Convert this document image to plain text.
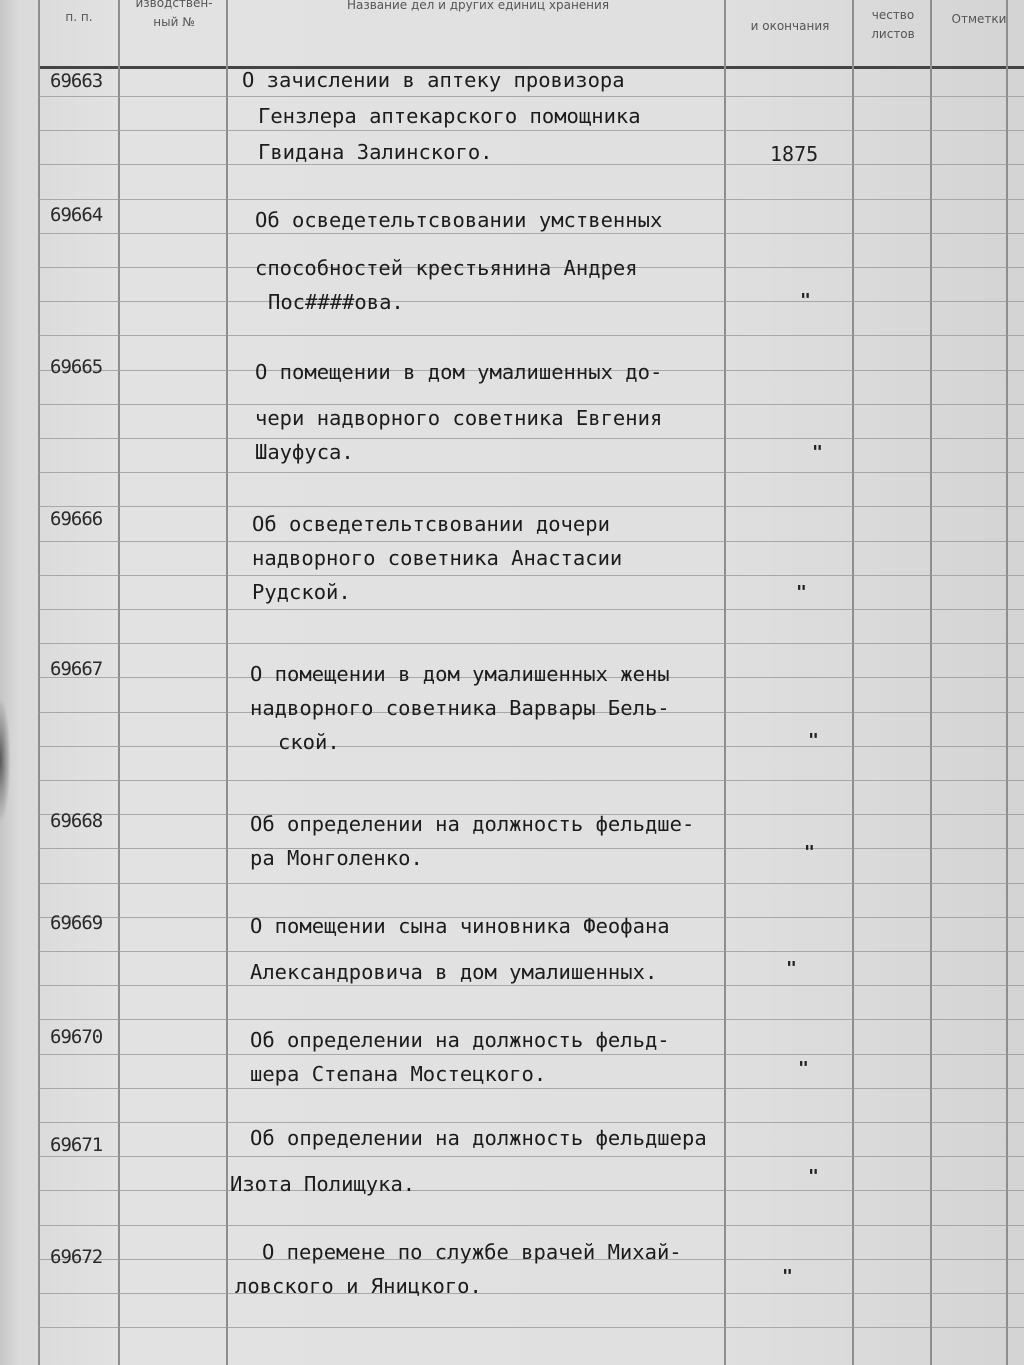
п. п.
изводствен-
ный №
Название дел и других единиц хранения
и окончания
чество
листов
Отметки
69663	О зачислении в аптеку провизора
Гензлера аптекарского помощника
Гвидана Залинского.	1875
69664	Об осведетельтсвовании умственных
способностей крестьянина Андрея
Пос####ова.	"
69665	О помещении в дом умалишенных до-
чери надворного советника Евгения
Шауфуса.	"
69666	Об осведетельтсвовании дочери
надворного советника Анастасии
Рудской.	"
69667	О помещении в дом умалишенных жены
надворного советника Варвары Бель-
ской.	"
69668	Об определении на должность фельдше-
ра Монголенко.	"
69669	О помещении сына чиновника Феофана
Александровича в дом умалишенных.	"
69670	Об определении на должность фельд-
шера Степана Мостецкого.	"
69671	Об определении на должность фельдшера
Изота Полищука.	"
69672	О перемене по службе врачей Михай-
ловского и Яницкого.	"
